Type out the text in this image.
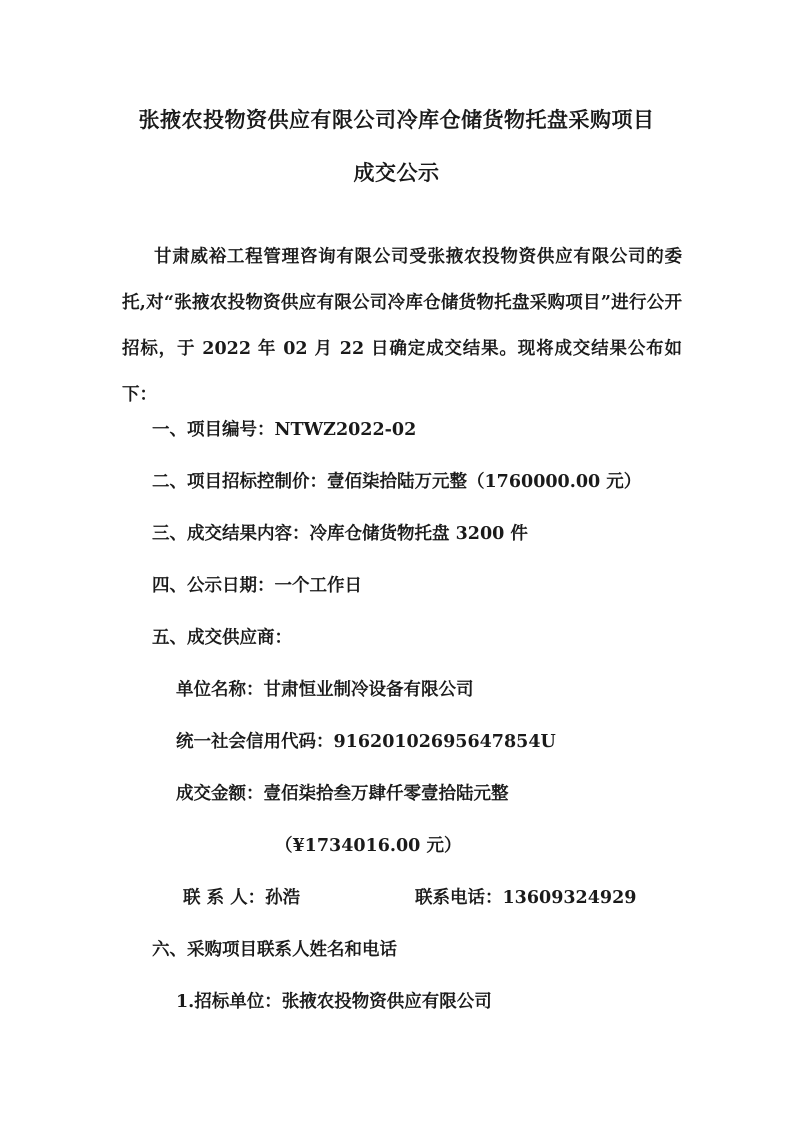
张掖农投物资供应有限公司冷库仓储货物托盘采购项目
成交公示

甘肃威裕工程管理咨询有限公司受张掖农投物资供应有限公司的委托,对“张掖农投物资供应有限公司冷库仓储货物托盘采购项目”进行公开招标，于 2022 年 02 月 22 日确定成交结果。现将成交结果公布如下：

一、项目编号：NTWZ2022-02
二、项目招标控制价：壹佰柒拾陆万元整（1760000.00 元）
三、成交结果内容：冷库仓储货物托盘 3200 件
四、公示日期：一个工作日
五、成交供应商：
单位名称：甘肃恒业制冷设备有限公司
统一社会信用代码：91620102695647854U
成交金额：壹佰柒拾叁万肆仟零壹拾陆元整
（¥1734016.00 元）
联 系 人：孙浩	联系电话：13609324929
六、采购项目联系人姓名和电话
1.招标单位：张掖农投物资供应有限公司
